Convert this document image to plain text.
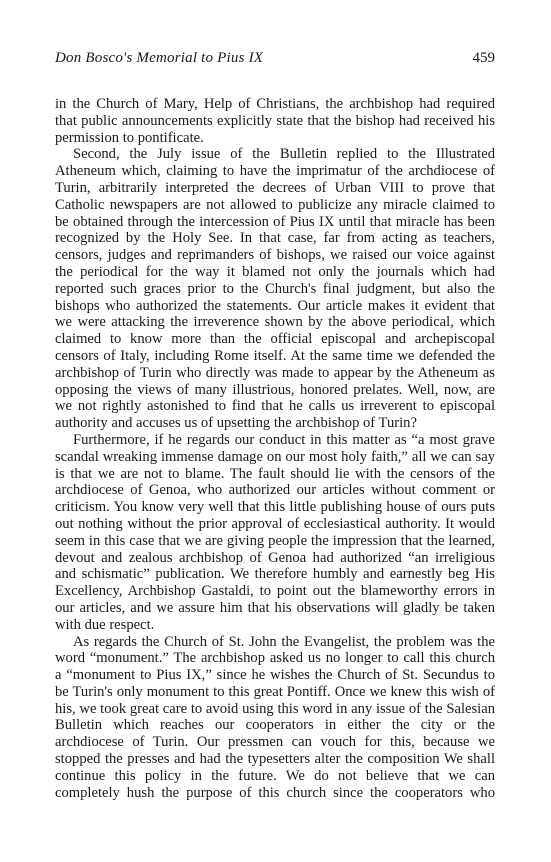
Don Bosco's Memorial to Pius IX	459

in the Church of Mary, Help of Christians, the archbishop had required

that public announcements explicitly state that the bishop had received his

permission to pontificate.

Second, the July issue of the Bulletin replied to the Illustrated

Atheneum which, claiming to have the imprimatur of the archdiocese of

Turin, arbitrarily interpreted the decrees of Urban VIII to prove that

Catholic newspapers are not allowed to publicize any miracle claimed to

be obtained through the intercession of Pius IX until that miracle has been

recognized by the Holy See. In that case, far from acting as teachers,

censors, judges and reprimanders of bishops, we raised our voice against

the periodical for the way it blamed not only the journals which had

reported such graces prior to the Church's final judgment, but also the

bishops who authorized the statements. Our article makes it evident that

we were attacking the irreverence shown by the above periodical, which

claimed to know more than the official episcopal and archepiscopal

censors of Italy, including Rome itself. At the same time we defended the

archbishop of Turin who directly was made to appear by the Atheneum as

opposing the views of many illustrious, honored prelates. Well, now, are

we not rightly astonished to find that he calls us irreverent to episcopal

authority and accuses us of upsetting the archbishop of Turin?

Furthermore, if he regards our conduct in this matter as “a most grave

scandal wreaking immense damage on our most holy faith,” all we can say

is that we are not to blame. The fault should lie with the censors of the

archdiocese of Genoa, who authorized our articles without comment or

criticism. You know very well that this little publishing house of ours puts

out nothing without the prior approval of ecclesiastical authority. It would

seem in this case that we are giving people the impression that the learned,

devout and zealous archbishop of Genoa had authorized “an irreligious

and schismatic” publication. We therefore humbly and earnestly beg His

Excellency, Archbishop Gastaldi, to point out the blameworthy errors in

our articles, and we assure him that his observations will gladly be taken

with due respect.

As regards the Church of St. John the Evangelist, the problem was the

word “monument.” The archbishop asked us no longer to call this church

a “monument to Pius IX,” since he wishes the Church of St. Secundus to

be Turin's only monument to this great Pontiff. Once we knew this wish of

his, we took great care to avoid using this word in any issue of the Salesian

Bulletin which reaches our cooperators in either the city or the

archdiocese of Turin. Our pressmen can vouch for this, because we

stopped the presses and had the typesetters alter the composition We shall

continue this policy in the future. We do not believe that we can

completely hush the purpose of this church since the cooperators who
